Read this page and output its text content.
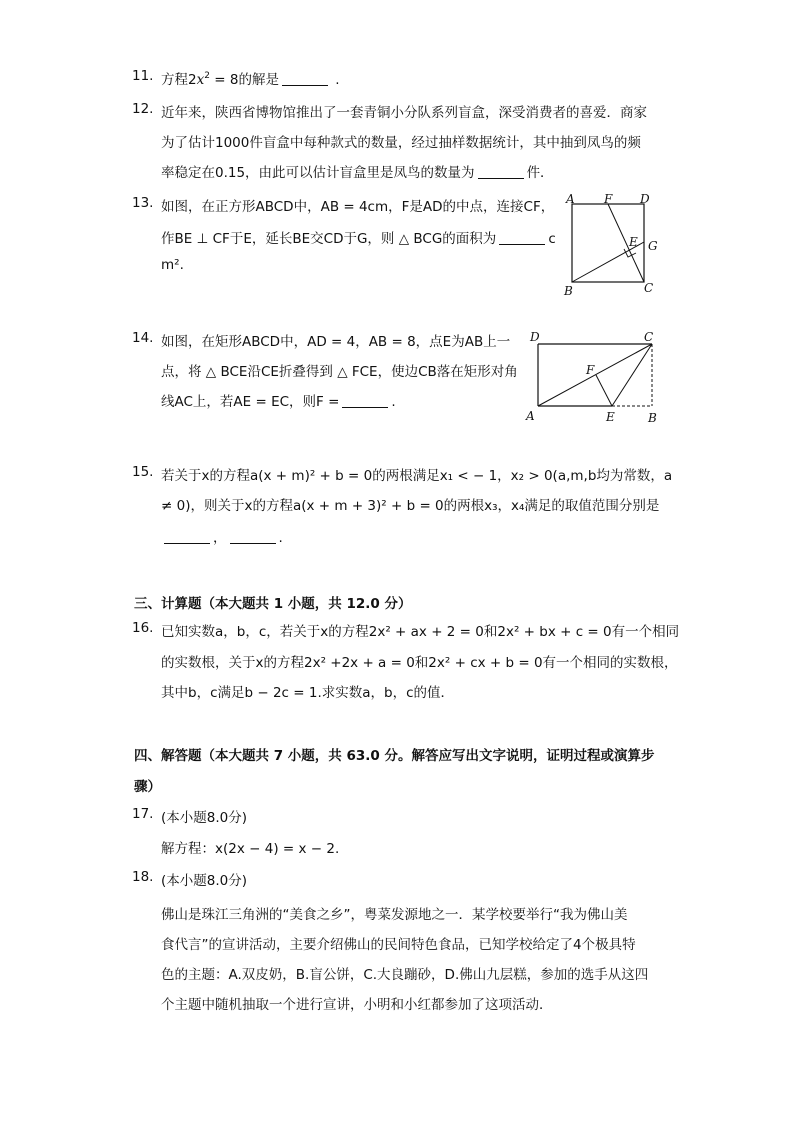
11. 方程$2x^2 = 8$的解是	.
12. 近年来，陕西省博物馆推出了一套青铜小分队系列盲盒，深受消费者的喜爱．商家
为了估计1000件盲盒中每种款式的数量，经过抽样数据统计，其中抽到凤鸟的频
率稳定在0.15，由此可以估计盲盒里是凤鸟的数量为	件．
13. 如图，在正方形ABCD中，AB = 4cm，F是AD的中点，连接CF，
作BE ⊥ CF于E，延长BE交CD于G，则 △ BCG的面积为	c
m².
A F D
E G
B	C
14. 如图，在矩形ABCD中，AD = 4，AB = 8，点E为AB上一
点，将 △ BCE沿CE折叠得到 △ FCE，使边CB落在矩形对角
线AC上，若AE = EC，则F =	.
D	C
F
A	E	B
15. 若关于x的方程a(x + m)² + b = 0的两根满足x₁ < − 1，x₂ > 0(a,m,b均为常数，a
≠ 0)，则关于x的方程a(x + m + 3)² + b = 0的两根x₃，x₄满足的取值范围分别是
，	.
三、计算题（本大题共 1 小题，共 12.0 分）
16. 已知实数a，b，c，若关于x的方程2x² + ax + 2 = 0和2x² + bx + c = 0有一个相同
的实数根，关于x的方程2x² +2x + a = 0和2x² + cx + b = 0有一个相同的实数根，
其中b，c满足b − 2c = 1.求实数a，b，c的值．
四、解答题（本大题共 7 小题，共 63.0 分。解答应写出文字说明，证明过程或演算步
骤）
17. (本小题8.0分)
解方程：x(2x − 4) = x − 2.
18. (本小题8.0分)
佛山是珠江三角洲的“美食之乡”，粤菜发源地之一．某学校要举行“我为佛山美
食代言”的宣讲活动，主要介绍佛山的民间特色食品，已知学校给定了4个极具特
色的主题：A.双皮奶，B.盲公饼，C.大良蹦砂，D.佛山九层糕，参加的选手从这四
个主题中随机抽取一个进行宣讲，小明和小红都参加了这项活动．
